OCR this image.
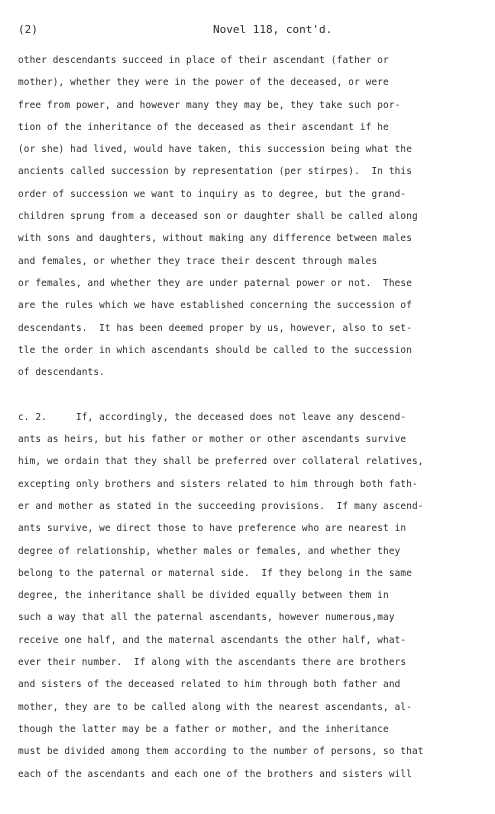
(2)	Novel 118, cont'd.
other descendants succeed in place of their ascendant (father or
mother), whether they were in the power of the deceased, or were
free from power, and however many they may be, they take such por-
tion of the inheritance of the deceased as their ascendant if he
(or she) had lived, would have taken, this succession being what the
ancients called succession by representation (per stirpes).  In this
order of succession we want to inquiry as to degree, but the grand-
children sprung from a deceased son or daughter shall be called along
with sons and daughters, without making any difference between males
and females, or whether they trace their descent through males
or females, and whether they are under paternal power or not.  These
are the rules which we have established concerning the succession of
descendants.  It has been deemed proper by us, however, also to set-
tle the order in which ascendants should be called to the succession
of descendants.
c. 2.     If, accordingly, the deceased does not leave any descend-
ants as heirs, but his father or mother or other ascendants survive
him, we ordain that they shall be preferred over collateral relatives,
excepting only brothers and sisters related to him through both fath-
er and mother as stated in the succeeding provisions.  If many ascend-
ants survive, we direct those to have preference who are nearest in
degree of relationship, whether males or females, and whether they
belong to the paternal or maternal side.  If they belong in the same
degree, the inheritance shall be divided equally between them in
such a way that all the paternal ascendants, however numerous,may
receive one half, and the maternal ascendants the other half, what-
ever their number.  If along with the ascendants there are brothers
and sisters of the deceased related to him through both father and
mother, they are to be called along with the nearest ascendants, al-
though the latter may be a father or mother, and the inheritance
must be divided among them according to the number of persons, so that
each of the ascendants and each one of the brothers and sisters will
